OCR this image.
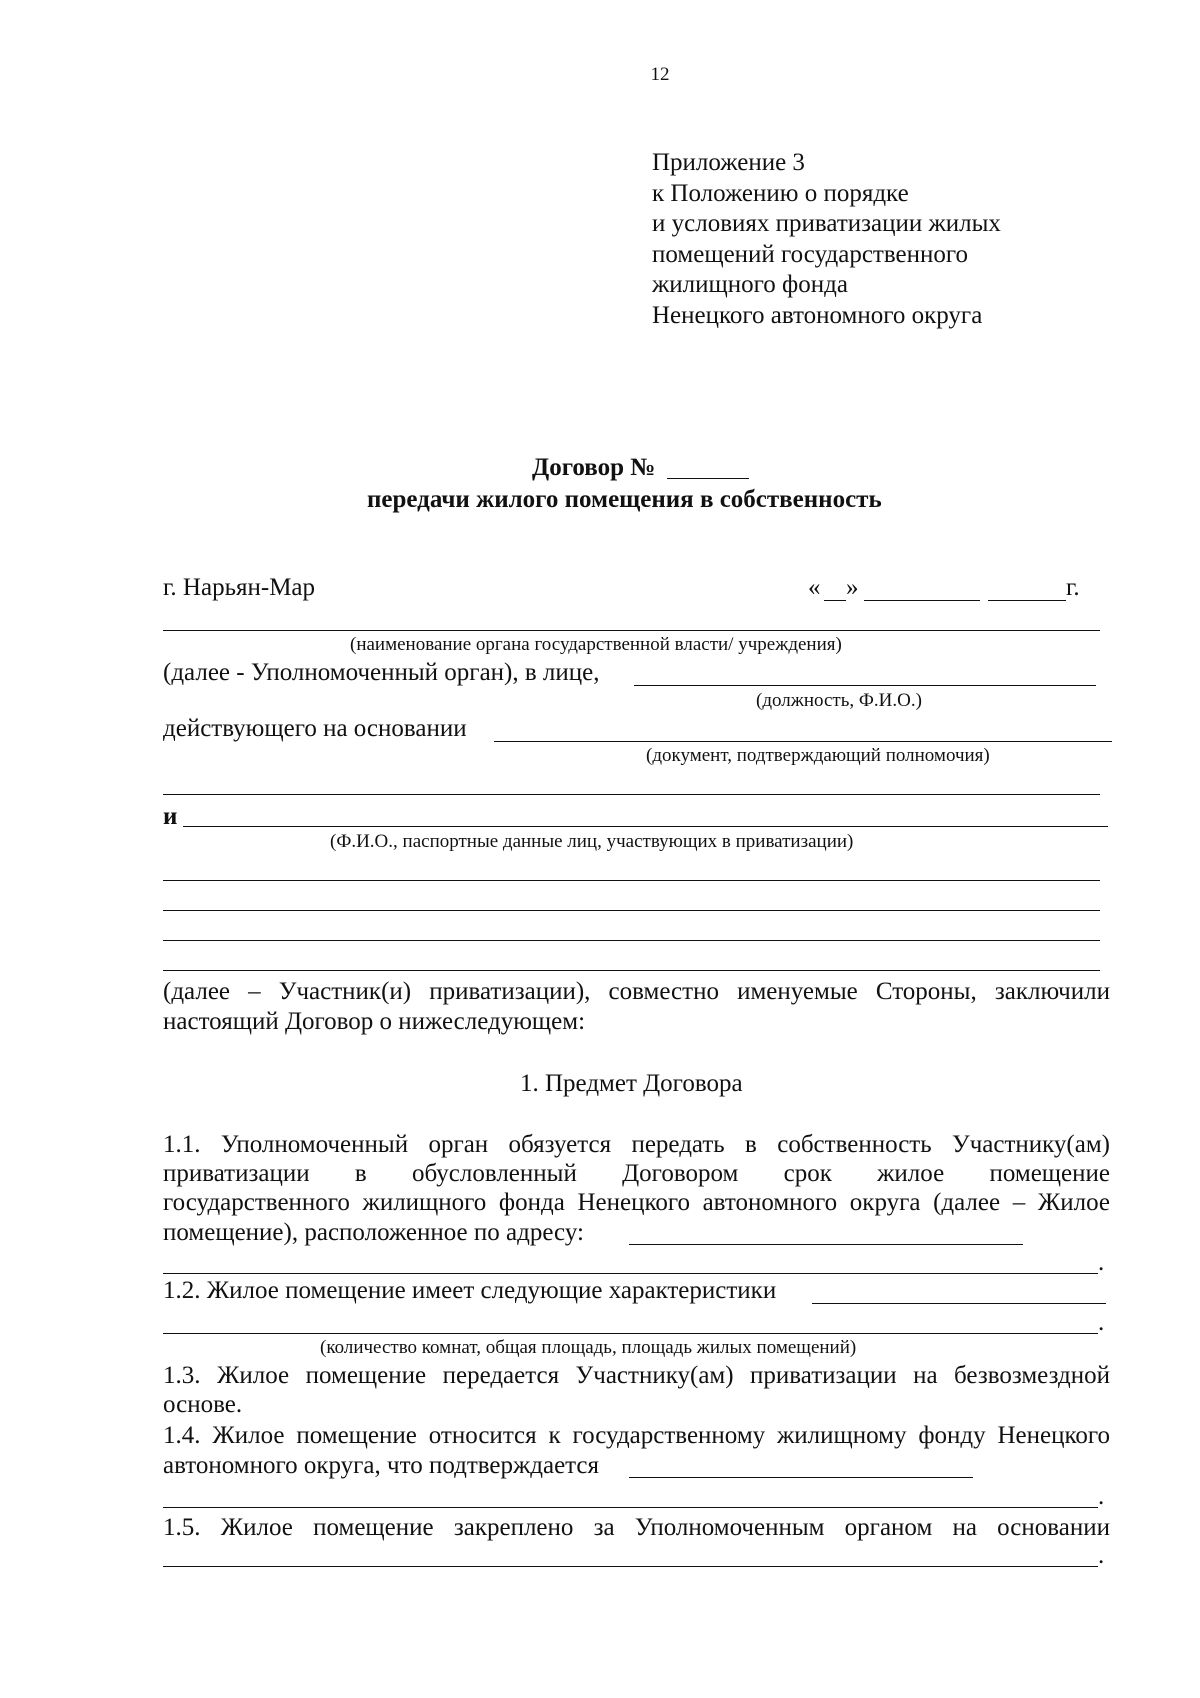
12
Приложение 3
к Положению о порядке
и условиях приватизации жилых
помещений государственного
жилищного фонда
Ненецкого автономного округа
Договор №
передачи жилого помещения в собственность
г. Нарьян-Мар	« »	г.
(наименование органа государственной власти/ учреждения)
(далее - Уполномоченный орган), в лице,
(должность, Ф.И.О.)
действующего на основании
(документ, подтверждающий полномочия)
и
(Ф.И.О., паспортные данные лиц, участвующих в приватизации)
(далее – Участник(и) приватизации), совместно именуемые Стороны, заключили
настоящий Договор о нижеследующем:
1. Предмет Договора
1.1. Уполномоченный орган обязуется передать в собственность Участнику(ам)
приватизации в обусловленный Договором срок жилое помещение
государственного жилищного фонда Ненецкого автономного округа (далее – Жилое
помещение), расположенное по адресу:
.
1.2. Жилое помещение имеет следующие характеристики
.
(количество комнат, общая площадь, площадь жилых помещений)
1.3. Жилое помещение передается Участнику(ам) приватизации на безвозмездной
основе.
1.4. Жилое помещение относится к государственному жилищному фонду Ненецкого
автономного округа, что подтверждается
.
1.5. Жилое помещение закреплено за Уполномоченным органом на основании
.
